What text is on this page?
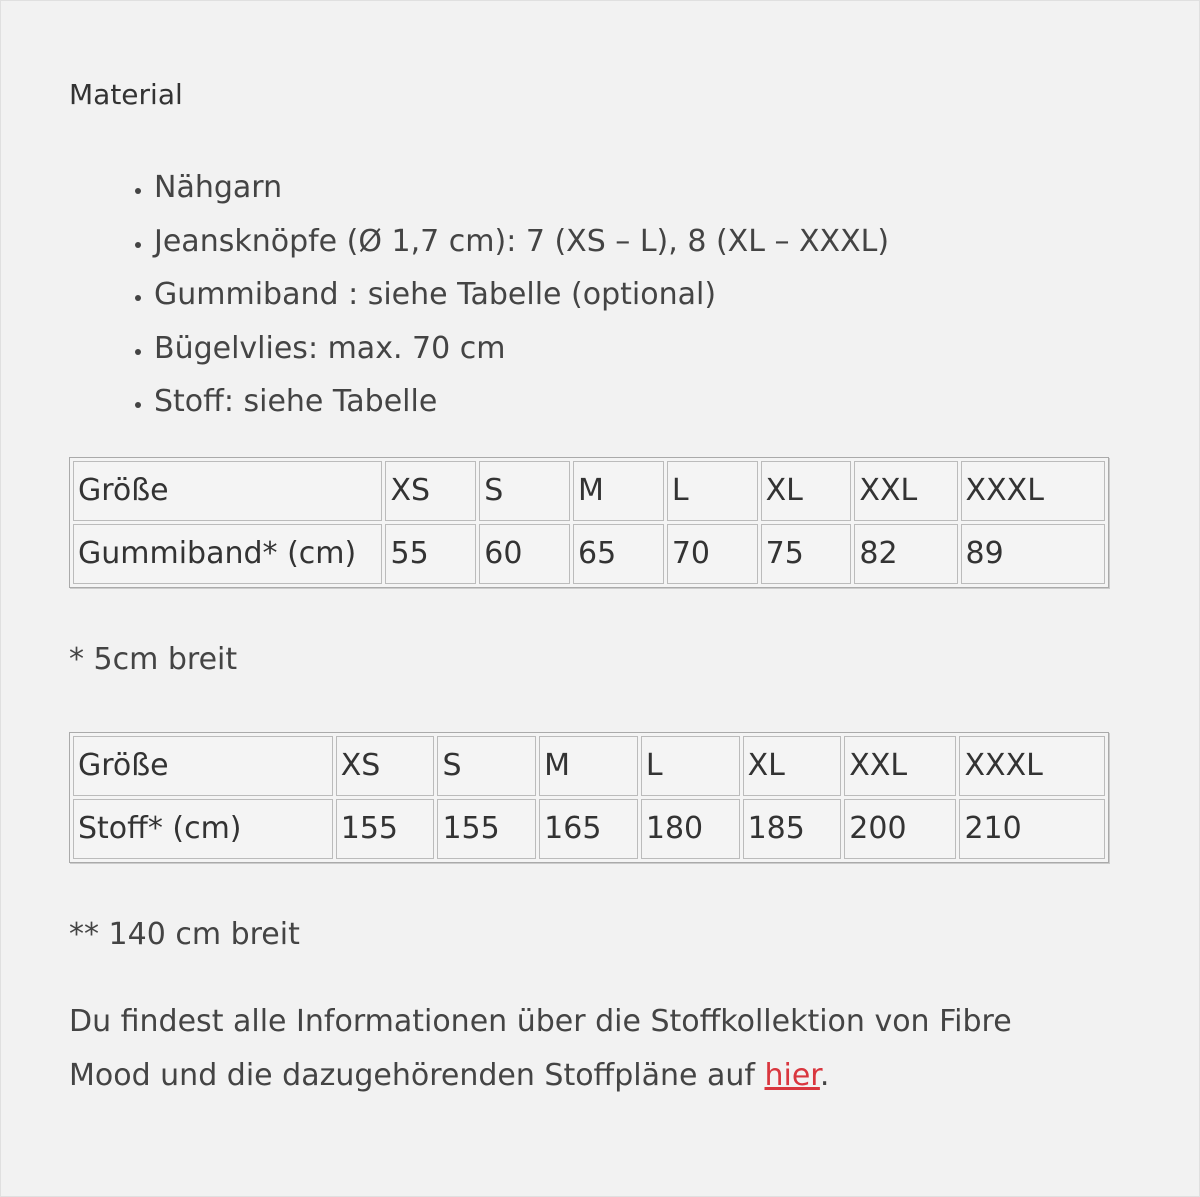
Material
• Nähgarn
• Jeansknöpfe (Ø 1,7 cm): 7 (XS – L), 8 (XL – XXXL)
• Gummiband : siehe Tabelle (optional)
• Bügelvlies: max. 70 cm
• Stoff: siehe Tabelle
Größe	XS	S	M	L	XL	XXL	XXXL
Gummiband* (cm)	55	60	65	70	75	82	89
* 5cm breit
Größe	XS	S	M	L	XL	XXL	XXXL
Stoff* (cm)	155	155	165	180	185	200	210
** 140 cm breit

Du findest alle Informationen über die Stoffkollektion von Fibre Mood und die dazugehörenden Stoffpläne auf hier.
